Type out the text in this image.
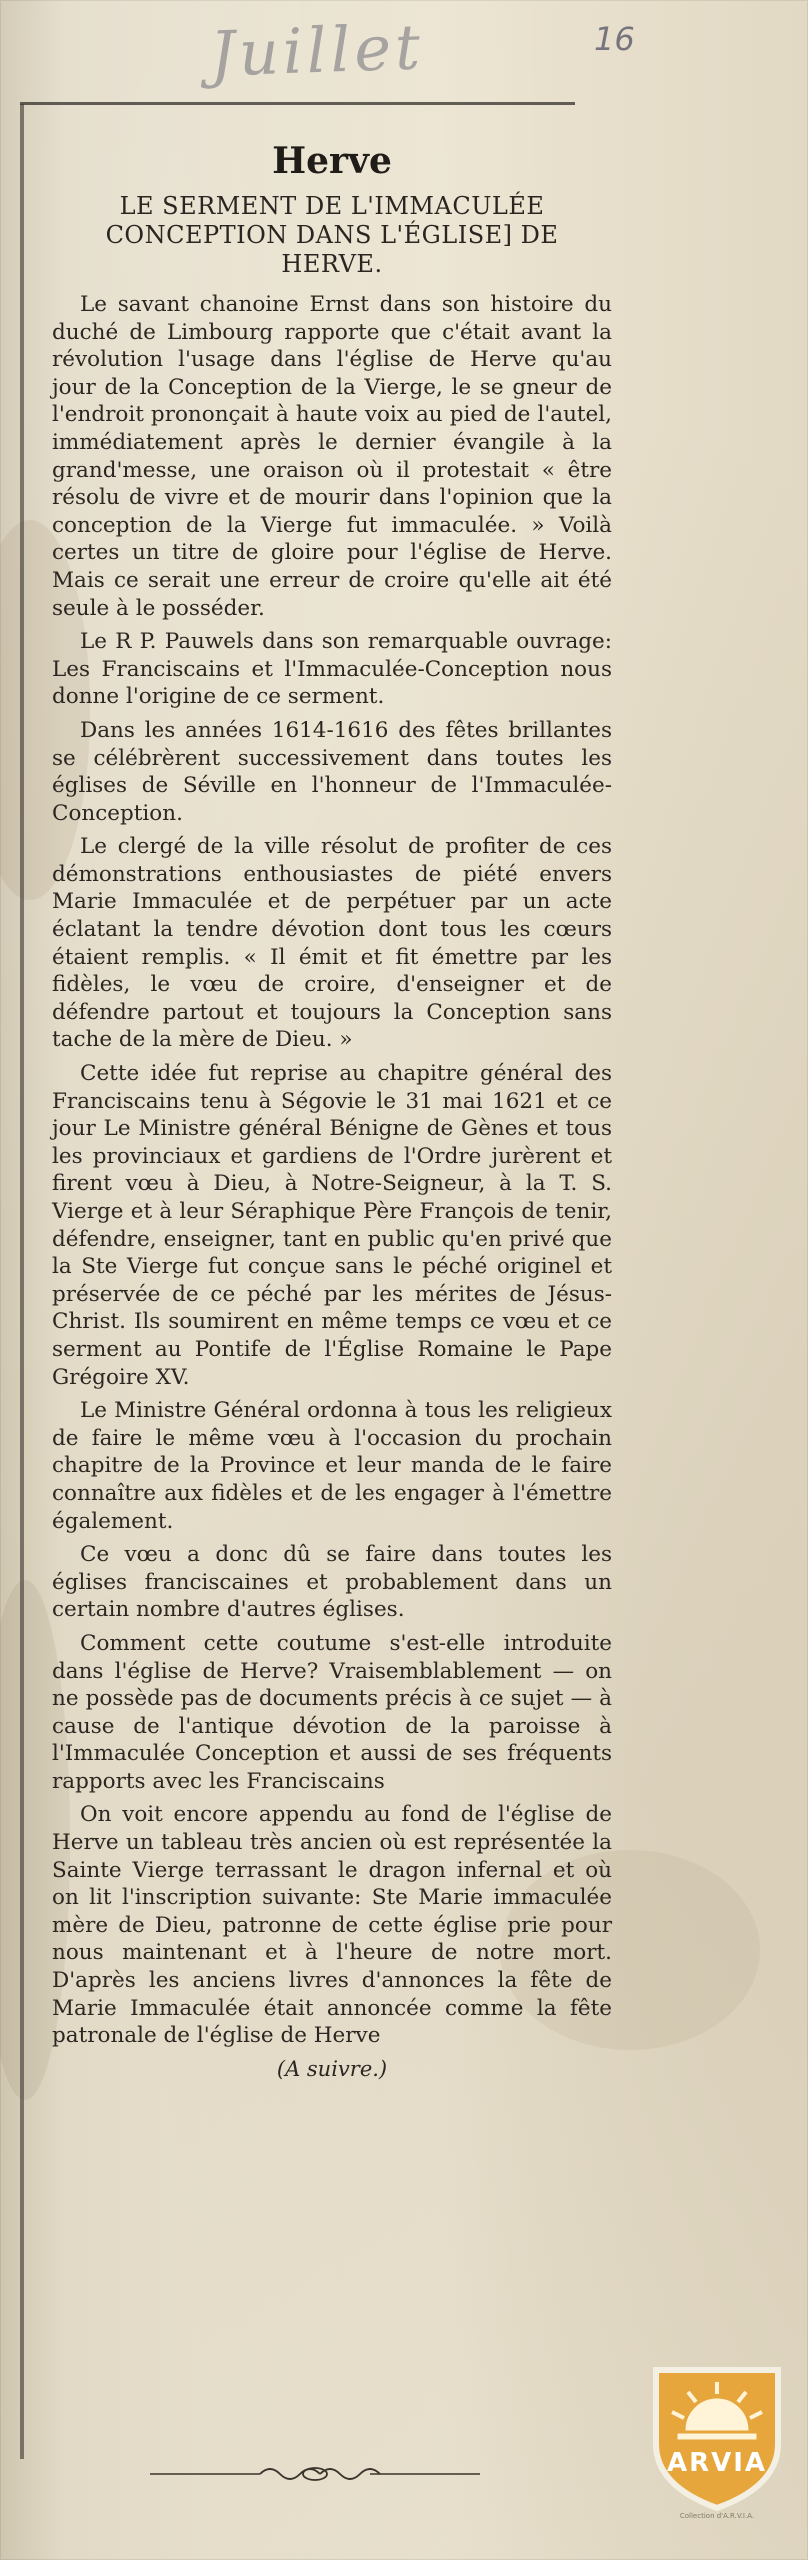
Juillet	16
Herve
LE SERMENT DE L'IMMACULÉE
CONCEPTION DANS L'ÉGLISE] DE
HERVE.

Le savant chanoine Ernst dans son histoire du duché de Limbourg rapporte que c'était avant la révolution l'usage dans l'église de Herve qu'au jour de la Conception de la Vierge, le se gneur de l'endroit prononçait à haute voix au pied de l'autel, immédiatement après le dernier évangile à la grand'messe, une oraison où il protestait « être résolu de vivre et de mourir dans l'opinion que la conception de la Vierge fut immaculée. » Voilà certes un titre de gloire pour l'église de Herve. Mais ce serait une erreur de croire qu'elle ait été seule à le posséder.

Le R P. Pauwels dans son remarquable ouvrage: Les Franciscains et l'Immaculée-Conception nous donne l'origine de ce serment.

Dans les années 1614-1616 des fêtes brillantes se célébrèrent successivement dans toutes les églises de Séville en l'honneur de l'Immaculée-Conception.

Le clergé de la ville résolut de profiter de ces démonstrations enthousiastes de piété envers Marie Immaculée et de perpétuer par un acte éclatant la tendre dévotion dont tous les cœurs étaient remplis. « Il émit et fit émettre par les fidèles, le vœu de croire, d'enseigner et de défendre partout et toujours la Conception sans tache de la mère de Dieu. »

Cette idée fut reprise au chapitre général des Franciscains tenu à Ségovie le 31 mai 1621 et ce jour Le Ministre général Bénigne de Gènes et tous les provinciaux et gardiens de l'Ordre jurèrent et firent vœu à Dieu, à Notre-Seigneur, à la T. S. Vierge et à leur Séraphique Père François de tenir, défendre, enseigner, tant en public qu'en privé que la Ste Vierge fut conçue sans le péché originel et préservée de ce péché par les mérites de Jésus-Christ. Ils soumirent en même temps ce vœu et ce serment au Pontife de l'Église Romaine le Pape Grégoire XV.

Le Ministre Général ordonna à tous les religieux de faire le même vœu à l'occasion du prochain chapitre de la Province et leur manda de le faire connaître aux fidèles et de les engager à l'émettre également.

Ce vœu a donc dû se faire dans toutes les églises franciscaines et probablement dans un certain nombre d'autres églises.

Comment cette coutume s'est-elle introduite dans l'église de Herve? Vraisemblablement — on ne possède pas de documents précis à ce sujet — à cause de l'antique dévotion de la paroisse à l'Immaculée Conception et aussi de ses fréquents rapports avec les Franciscains

On voit encore appendu au fond de l'église de Herve un tableau très ancien où est représentée la Sainte Vierge terrassant le dragon infernal et où on lit l'inscription suivante: Ste Marie immaculée mère de Dieu, patronne de cette église prie pour nous maintenant et à l'heure de notre mort. D'après les anciens livres d'annonces la fête de Marie Immaculée était annoncée comme la fête patronale de l'église de Herve

(A suivre.)
ARVIA
Collection d'A.R.V.I.A.
